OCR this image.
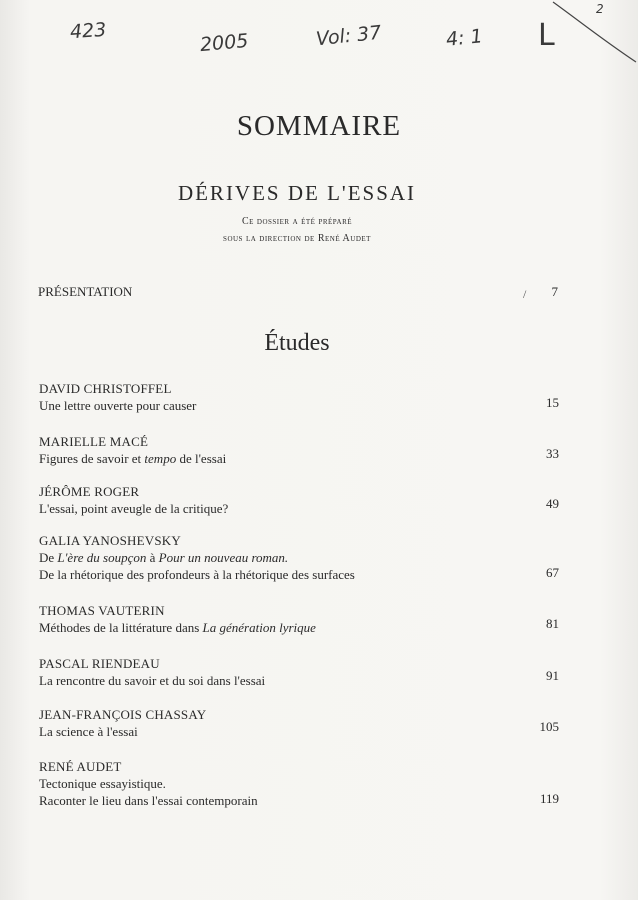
423	2005	Vol: 37	4: 1 L
2
SOMMAIRE
DÉRIVES DE L'ESSAI
Ce dossier a été préparé
sous la direction de René Audet
PRÉSENTATION	7
/
Études
DAVID CHRISTOFFEL
Une lettre ouverte pour causer	15
MARIELLE MACÉ
Figures de savoir et tempo de l'essai	33
JÉRÔME ROGER
L'essai, point aveugle de la critique?	49
GALIA YANOSHEVSKY
De L'ère du soupçon à Pour un nouveau roman.
De la rhétorique des profondeurs à la rhétorique des surfaces	67
THOMAS VAUTERIN
Méthodes de la littérature dans La génération lyrique	81
PASCAL RIENDEAU
La rencontre du savoir et du soi dans l'essai	91
JEAN-FRANÇOIS CHASSAY
La science à l'essai	105
RENÉ AUDET
Tectonique essayistique.
Raconter le lieu dans l'essai contemporain	119
